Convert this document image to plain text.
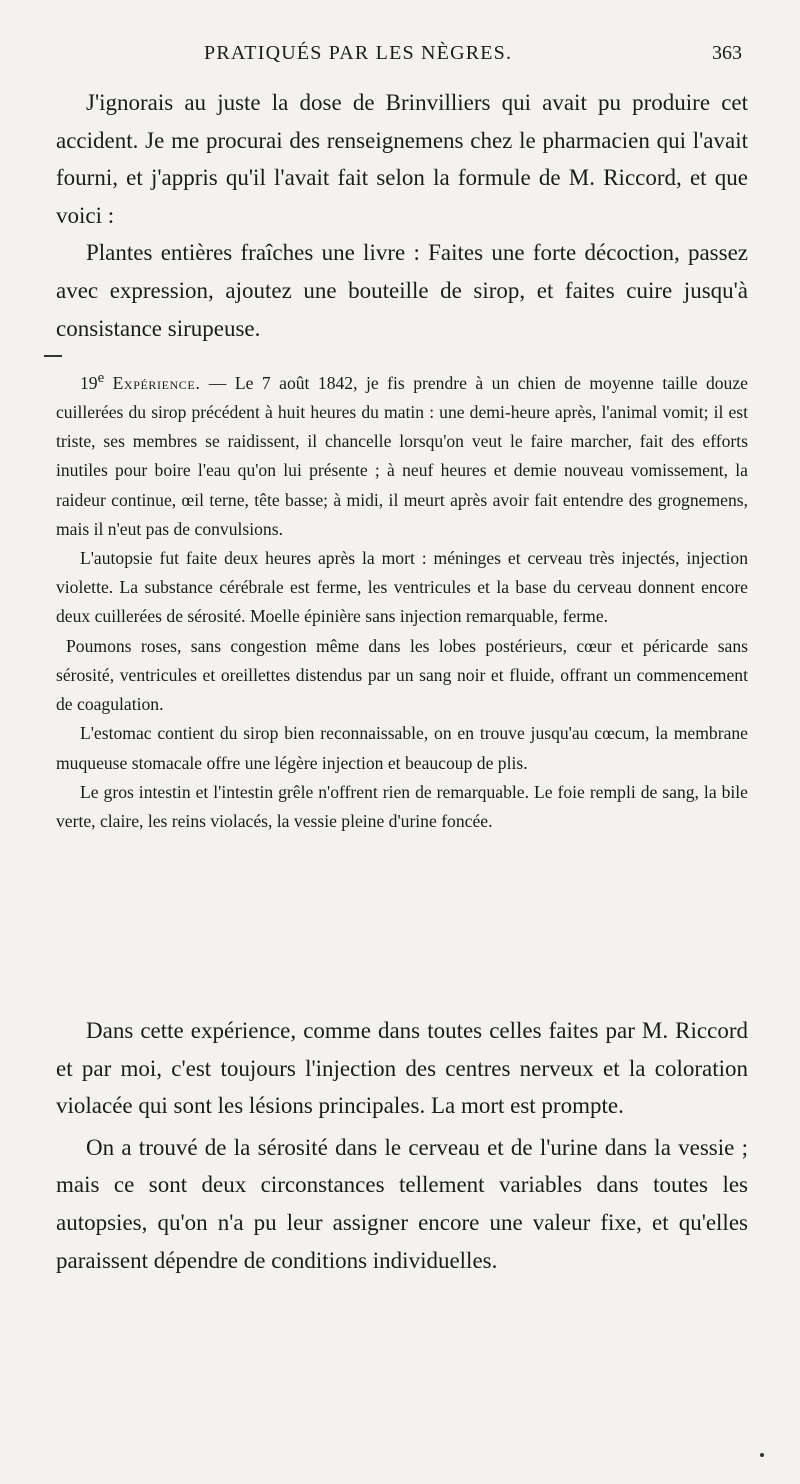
PRATIQUÉS PAR LES NÈGRES.	363

J'ignorais au juste la dose de Brinvilliers qui avait pu produire cet accident. Je me procurai des renseignemens chez le pharmacien qui l'avait fourni, et j'appris qu'il l'avait fait selon la formule de M. Riccord, et que voici :

Plantes entières fraîches une livre : Faites une forte décoction, passez avec expression, ajoutez une bouteille de sirop, et faites cuire jusqu'à consistance sirupeuse.

19e Expérience. — Le 7 août 1842, je fis prendre à un chien de moyenne taille douze cuillerées du sirop précédent à huit heures du matin : une demi-heure après, l'animal vomit; il est triste, ses membres se raidissent, il chancelle lorsqu'on veut le faire marcher, fait des efforts inutiles pour boire l'eau qu'on lui présente ; à neuf heures et demie nouveau vomissement, la raideur continue, œil terne, tête basse; à midi, il meurt après avoir fait entendre des grognemens, mais il n'eut pas de convulsions.

L'autopsie fut faite deux heures après la mort : méninges et cerveau très injectés, injection violette. La substance cérébrale est ferme, les ventricules et la base du cerveau donnent encore deux cuillerées de sérosité. Moelle épinière sans injection remarquable, ferme.

Poumons roses, sans congestion même dans les lobes postérieurs, cœur et péricarde sans sérosité, ventricules et oreillettes distendus par un sang noir et fluide, offrant un commencement de coagulation.

L'estomac contient du sirop bien reconnaissable, on en trouve jusqu'au cœcum, la membrane muqueuse stomacale offre une légère injection et beaucoup de plis.

Le gros intestin et l'intestin grêle n'offrent rien de remarquable. Le foie rempli de sang, la bile verte, claire, les reins violacés, la vessie pleine d'urine foncée.

Dans cette expérience, comme dans toutes celles faites par M. Riccord et par moi, c'est toujours l'injection des centres nerveux et la coloration violacée qui sont les lésions principales. La mort est prompte.

On a trouvé de la sérosité dans le cerveau et de l'urine dans la vessie ; mais ce sont deux circonstances tellement variables dans toutes les autopsies, qu'on n'a pu leur assigner encore une valeur fixe, et qu'elles paraissent dépendre de conditions individuelles.
